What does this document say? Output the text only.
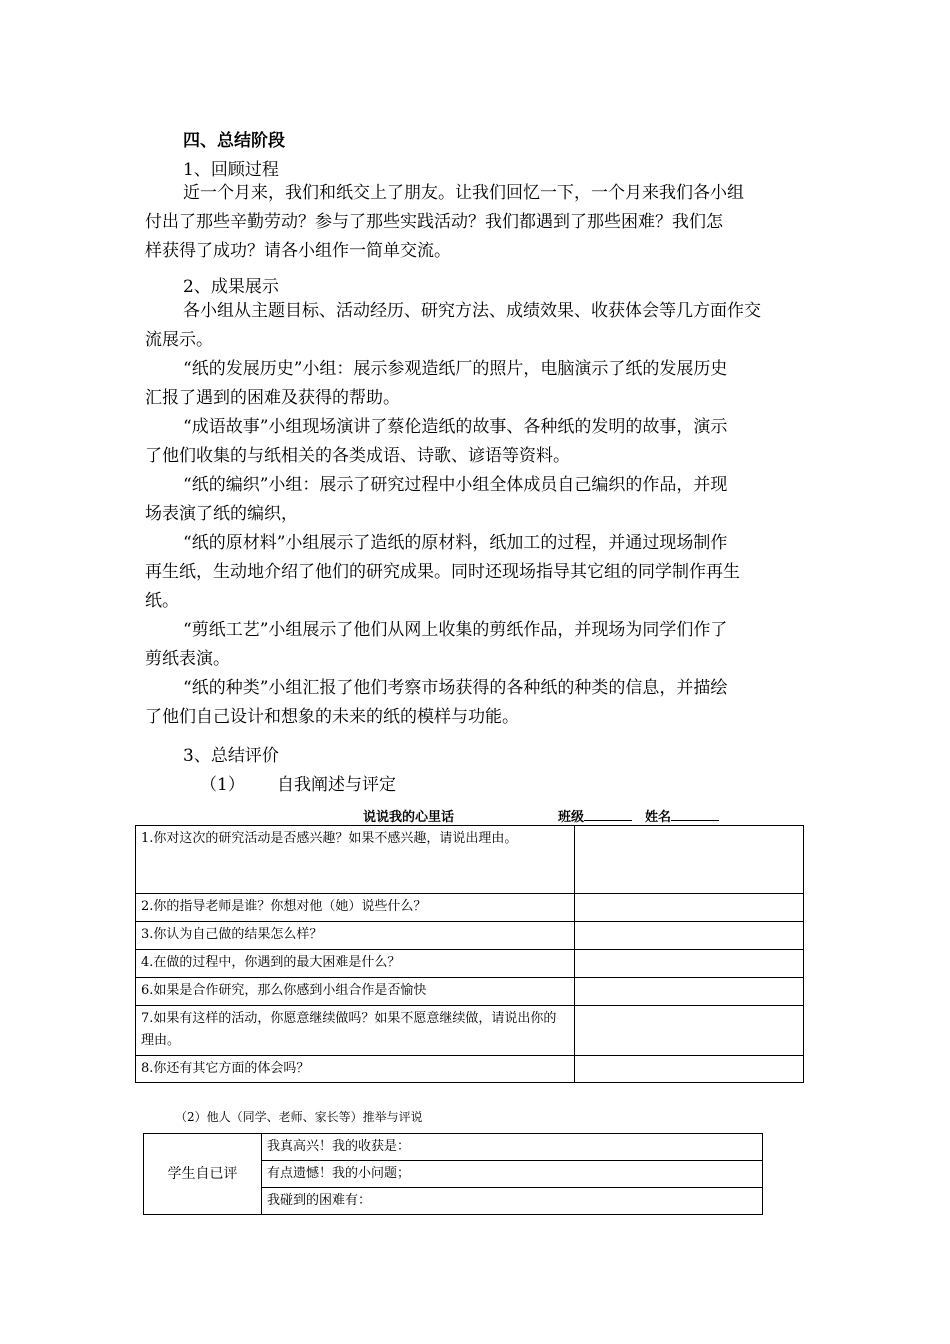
四、总结阶段
1、回顾过程
近一个月来，我们和纸交上了朋友。让我们回忆一下，一个月来我们各小组
付出了那些辛勤劳动？参与了那些实践活动？我们都遇到了那些困难？我们怎
样获得了成功？请各小组作一简单交流。
2、成果展示
各小组从主题目标、活动经历、研究方法、成绩效果、收获体会等几方面作交
流展示。
“纸的发展历史”小组：展示参观造纸厂的照片，电脑演示了纸的发展历史
汇报了遇到的困难及获得的帮助。
“成语故事”小组现场演讲了蔡伦造纸的故事、各种纸的发明的故事，演示
了他们收集的与纸相关的各类成语、诗歌、谚语等资料。
“纸的编织”小组：展示了研究过程中小组全体成员自己编织的作品，并现
场表演了纸的编织，
“纸的原材料”小组展示了造纸的原材料，纸加工的过程，并通过现场制作
再生纸，生动地介绍了他们的研究成果。同时还现场指导其它组的同学制作再生
纸。
“剪纸工艺”小组展示了他们从网上收集的剪纸作品，并现场为同学们作了
剪纸表演。
“纸的种类”小组汇报了他们考察市场获得的各种纸的种类的信息，并描绘
了他们自己设计和想象的未来的纸的模样与功能。
3、总结评价
（1） 自我阐述与评定
说说我的心里话	班级	姓名
1.你对这次的研究活动是否感兴趣？如果不感兴趣，请说出理由。	
2.你的指导老师是谁？你想对他（她）说些什么？	
3.你认为自己做的结果怎么样？	
4.在做的过程中，你遇到的最大困难是什么？	
6.如果是合作研究，那么你感到小组合作是否愉快	
7.如果有这样的活动，你愿意继续做吗？如果不愿意继续做，请说出你的理由。	
8.你还有其它方面的体会吗？	
（2）他人（同学、老师、家长等）推举与评说
学生自已评	我真高兴！我的收获是：
有点遗憾！我的小问题；
我碰到的困难有：
